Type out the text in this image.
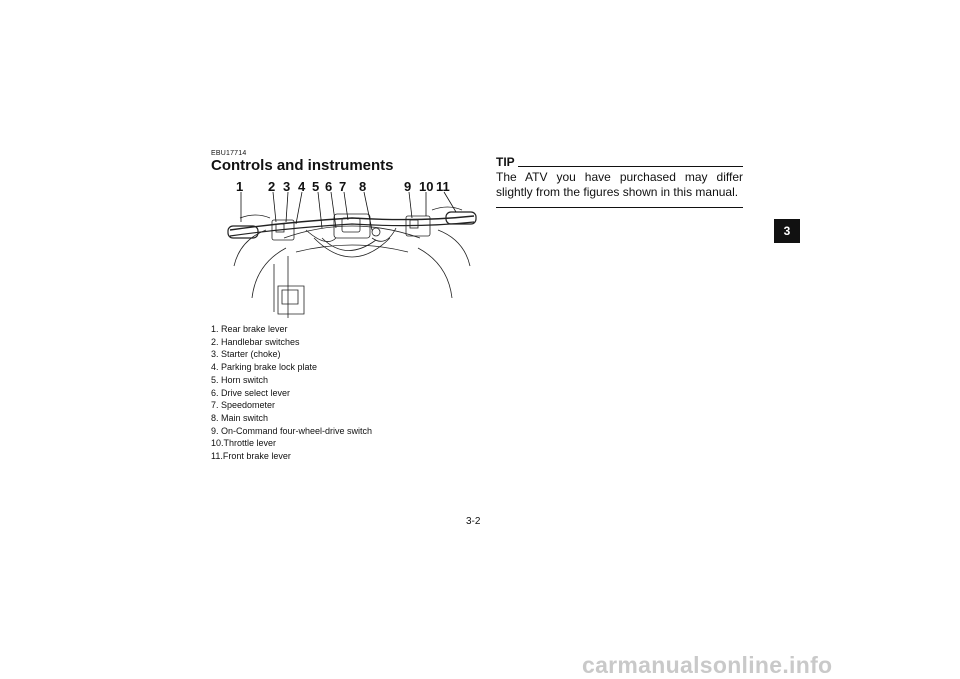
EBU17714
Controls and instruments
1 2 3 4 5 6 7 8	9 10 11
1. Rear brake lever
2. Handlebar switches
3. Starter (choke)
4. Parking brake lock plate
5. Horn switch
6. Drive select lever
7. Speedometer
8. Main switch
9. On-Command four-wheel-drive switch
10.Throttle lever
11.Front brake lever
TIP
The ATV you have purchased may differ slightly from the figures shown in this manual.
3
3-2
carmanualsonline.info
